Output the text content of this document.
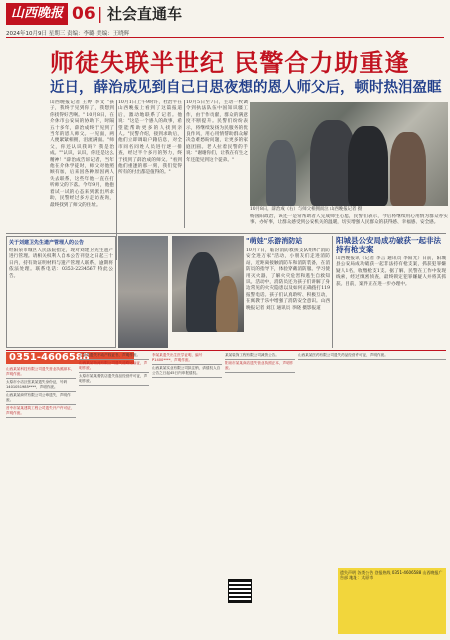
山西晚报 06 | 社会直通车
2024年10月9日 星期三 责编：李璐 美编：王晓辉
师徒失联半世纪 民警合力助重逢
近日，薛治成见到自己日思夜想的恩人师父后，顿时热泪盈眶
山西晚报记者 王婷 李文 "孩子，我终于见到你了，我想到你找得好苦啊。" 10月8日，在介休市公安局的协助下，时隔五十多年，薛治成终于见到了当年的恩人师父。一见面，两人便紧紧相拥，泪流满面。"师父，你还认识我吗？我是治成。""认识，认识，你还是这么精神！"薛治成告诉记者，当年他在介休学徒时，师父对他照顾有加，后来因各种原因两人失去联系，这些年他一直在打听师父的下落。今年9月，他抱着试一试的心态来到派出所求助，民警经过多方走访查询，最终找到了师父的住址。
10月1日上午9时许，杜治平在山西晚报上看到了这篇报道后，激动地联系了记者。他说："这是一个感人的故事，希望能帮助更多的人找到亲人。"民警介绍，接到求助后，他们立即调取户籍信息，对全市同名同姓人员进行逐一排查，经过半个多月的努力，终于找到了薛治成的师父。"看到他们重逢的那一刻，我们觉得所有的付出都是值得的。"
10月5日至7日，主动一枚调令到执法队伍中国知识疆工作，由于作贡献，群众的满意度不断提升。民警们纷纷表示，将继续发扬为民服务的优良作风，用心用情帮助群众解决急难愁盼问题，让更多的家庭团圆。老人拉着民警的手说："谢谢你们，让我在有生之年还能见到这个徒弟。"
10月8日，薛治成（右）与师父相拥而泣 山西晚报记者 摄
杨国阳政治，该还一是常帮助者人完成师生心愿，民警们表示，今后将继续用心用情为群众办实事、办好事，让群众感受到公安机关的温暖，切实增强人民群众的获得感、幸福感、安全感。
关于刘建卫先生遗产管理人的公告
经阳泉市城区人民法院指定，现对刘建卫先生遗产进行管理。请相关权利人自本公告刊登之日起三十日内，持有效证明材料与遗产管理人联系，逾期将依法处理。联系电话：0353-2234567 特此公告。
"萌娃"乐游消防站
10月7日，临汾消防救援支队组织"消防安全进万家"活动，小朋友们走进消防站，近距离接触消防车和消防装备，在消防员的指导下，体验穿戴消防服、学习使用灭火器，了解火灾危害和逃生自救知识。活动中，消防员还为孩子们讲解了身边常见的火灾隐患以及如何正确拨打119报警电话。孩子们认真聆听、积极互动，在寓教于乐中增强了消防安全意识。山西晚报记者 刘江 通讯员 李晓 摄影报道
阳城县公安局成功破获一起非法持有枪支案
山西晚报讯（记者 李言 通讯员 李阳光）日前，阳城县公安局成功破获一起非法持有枪支案，抓获犯罪嫌疑人1名，收缴枪支1支。据了解，民警在工作中发现线索，经过缜密侦查，最终锁定犯罪嫌疑人并将其抓获。目前，案件正在进一步办理中。
0351-4606588
山西某某科技有限公司遗失营业执照副本，声明作废。
太原市小店区张某某遗失身份证，号码1401051985****，声明作废。
山西某某商贸有限公司公章遗失，声明作废。
晋中市某某建筑工程公司遗失开户许可证，声明作废。
王某某遗失不动产权证书，声明作废。
山西某某物流有限公司遗失道路运输证，声明作废。
太原市某某餐饮店遗失食品经营许可证，声明作废。
李某某遗失出生医学证明，编号P1400****，声明作废。
山西某某实业有限公司拟注销，请债权人自公告之日起45日内申报债权。
某某装饰工程有限公司减资公告。
阳泉市某某商店遗失营业执照正本，声明作废。
山西某某医药有限公司遗失药品经营许可证，声明作废。
遗失声明 各类公告 登报热线 0351-4606588 山西晚报广告部 地址：太原市
